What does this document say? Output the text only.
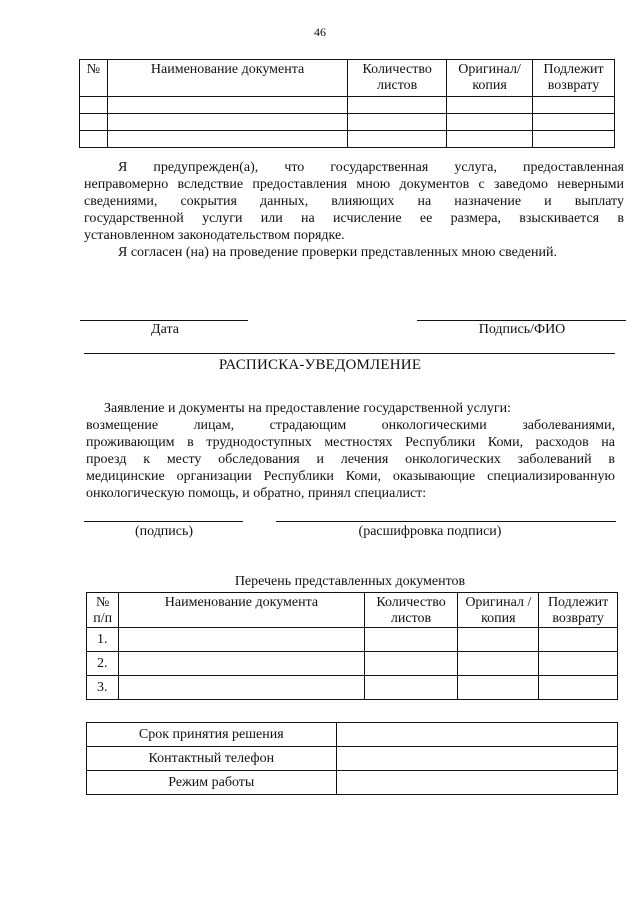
46
№	Наименование документа	Количество листов	Оригинал/ копия	Подлежит возврату

Я предупрежден(а), что государственная услуга, предоставленная
неправомерно вследствие предоставления мною документов с заведомо неверными
сведениями, сокрытия данных, влияющих на назначение и выплату
государственной услуги или на исчисление ее размера, взыскивается в
установленном законодательством порядке.
Я согласен (на) на проведение проверки представленных мною сведений.
Дата	Подпись/ФИО
РАСПИСКА-УВЕДОМЛЕНИЕ
Заявление и документы на предоставление государственной услуги:
возмещение лицам, страдающим онкологическими заболеваниями,
проживающим в труднодоступных местностях Республики Коми, расходов на
проезд к месту обследования и лечения онкологических заболеваний в
медицинские организации Республики Коми, оказывающие специализированную
онкологическую помощь, и обратно, принял специалист:
(подпись)	(расшифровка подписи)
Перечень представленных документов
№ п/п	Наименование документа	Количество листов	Оригинал /копия	Подлежит возврату
1.				
2.				
3.				
Срок принятия решения	
Контактный телефон	
Режим работы	
